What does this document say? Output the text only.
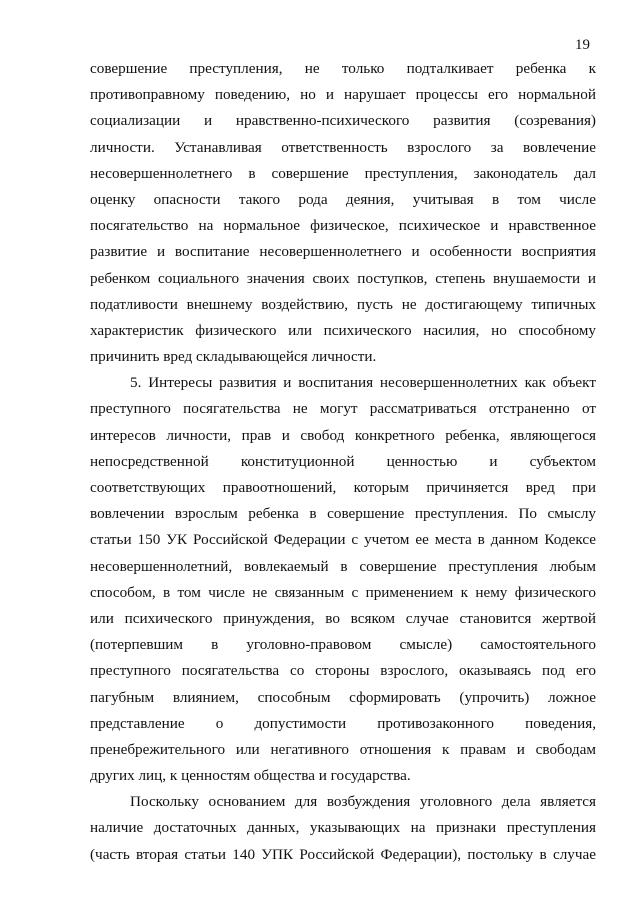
19
совершение преступления, не только подталкивает ребенка к
противоправному поведению, но и нарушает процессы его нормальной
социализации и нравственно-психического развития (созревания)
личности. Устанавливая ответственность взрослого за вовлечение
несовершеннолетнего в совершение преступления, законодатель дал
оценку опасности такого рода деяния, учитывая в том числе
посягательство на нормальное физическое, психическое и нравственное
развитие и воспитание несовершеннолетнего и особенности восприятия
ребенком социального значения своих поступков, степень внушаемости и
податливости внешнему воздействию, пусть не достигающему типичных
характеристик физического или психического насилия, но способному
причинить вред складывающейся личности.
5. Интересы развития и воспитания несовершеннолетних как объект
преступного посягательства не могут рассматриваться отстраненно от
интересов личности, прав и свобод конкретного ребенка, являющегося
непосредственной конституционной ценностью и субъектом
соответствующих правоотношений, которым причиняется вред при
вовлечении взрослым ребенка в совершение преступления. По смыслу
статьи 150 УК Российской Федерации с учетом ее места в данном Кодексе
несовершеннолетний, вовлекаемый в совершение преступления любым
способом, в том числе не связанным с применением к нему физического
или психического принуждения, во всяком случае становится жертвой
(потерпевшим в уголовно-правовом смысле) самостоятельного
преступного посягательства со стороны взрослого, оказываясь под его
пагубным влиянием, способным сформировать (упрочить) ложное
представление о допустимости противозаконного поведения,
пренебрежительного или негативного отношения к правам и свободам
других лиц, к ценностям общества и государства.
Поскольку основанием для возбуждения уголовного дела является
наличие достаточных данных, указывающих на признаки преступления
(часть вторая статьи 140 УПК Российской Федерации), постольку в случае
